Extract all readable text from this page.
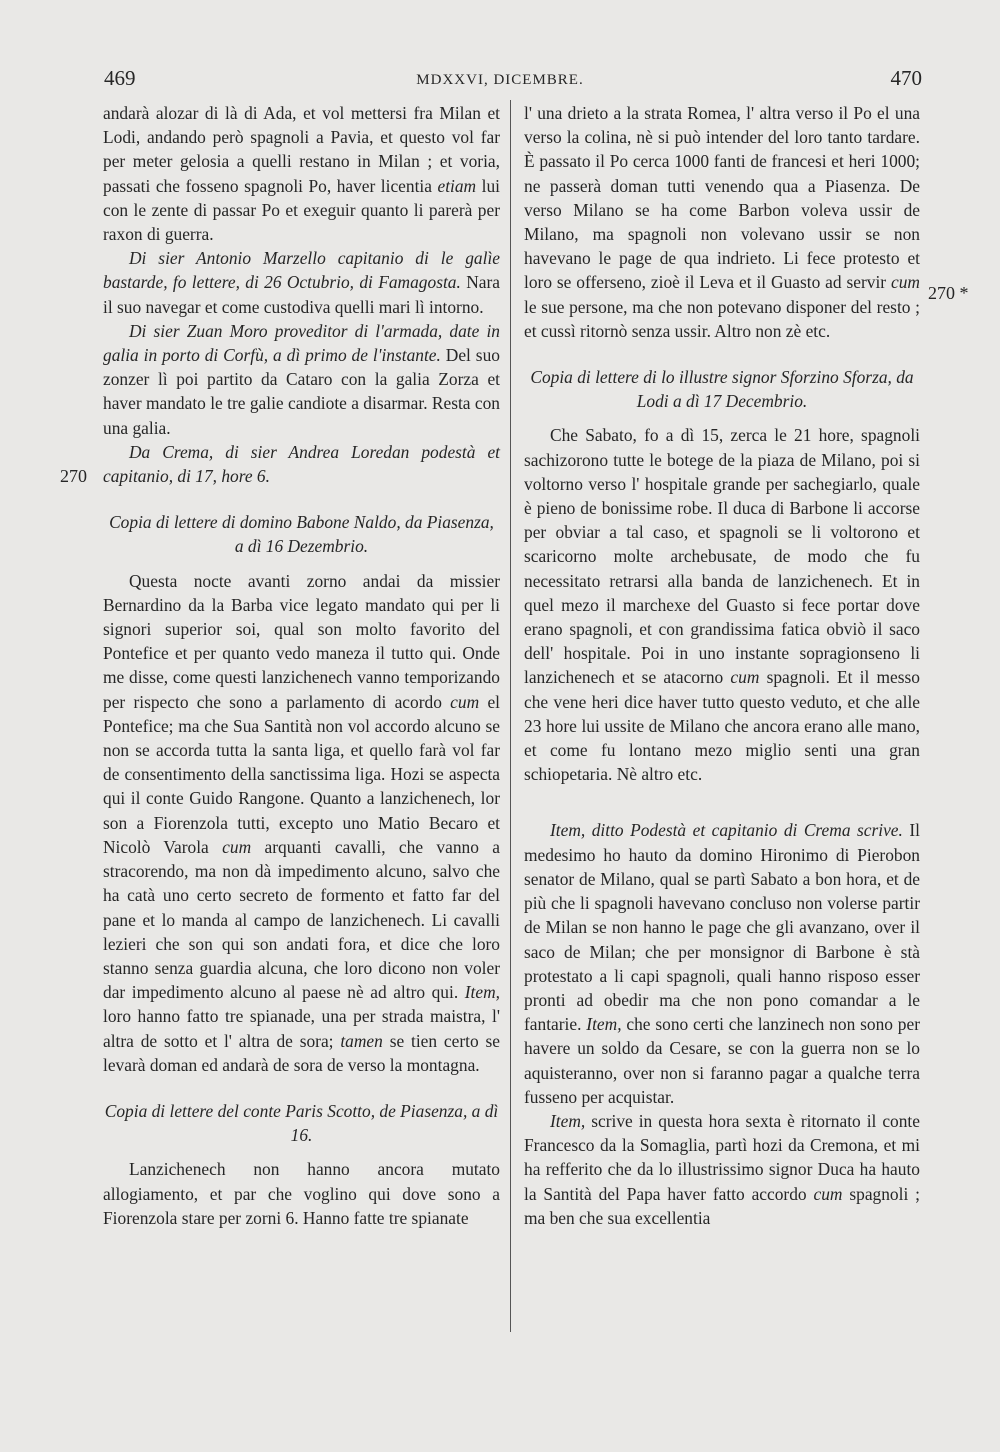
469	MDXXVI, DICEMBRE.	470
270
270 *

andarà alozar di là di Ada, et vol mettersi fra Milan et Lodi, andando però spagnoli a Pavia, et questo vol far per meter gelosia a quelli restano in Milan ; et voria, passati che fosseno spagnoli Po, haver licentia etiam lui con le zente di passar Po et exeguir quanto li parerà per raxon di guerra.

Di sier Antonio Marzello capitanio di le galìe bastarde, fo lettere, di 26 Octubrio, di Famagosta. Nara il suo navegar et come custodiva quelli mari lì intorno.

Di sier Zuan Moro proveditor di l'armada, date in galia in porto di Corfù, a dì primo de l'instante. Del suo zonzer lì poi partito da Cataro con la galia Zorza et haver mandato le tre galie candiote a disarmar. Resta con una galia.

Da Crema, di sier Andrea Loredan podestà et capitanio, di 17, hore 6.

Copia di lettere di domino Babone Naldo, da Piasenza, a dì 16 Dezembrio.

Questa nocte avanti zorno andai da missier Bernardino da la Barba vice legato mandato qui per li signori superior soi, qual son molto favorito del Pontefice et per quanto vedo maneza il tutto qui. Onde me disse, come questi lanzichenech vanno temporizando per rispecto che sono a parlamento di acordo cum el Pontefice; ma che Sua Santità non vol accordo alcuno se non se accorda tutta la santa liga, et quello farà vol far de consentimento della sanctissima liga. Hozi se aspecta qui il conte Guido Rangone. Quanto a lanzichenech, lor son a Fiorenzola tutti, excepto uno Matio Becaro et Nicolò Varola cum arquanti cavalli, che vanno a stracorendo, ma non dà impedimento alcuno, salvo che ha catà uno certo secreto de formento et fatto far del pane et lo manda al campo de lanzichenech. Li cavalli lezieri che son qui son andati fora, et dice che loro stanno senza guardia alcuna, che loro dicono non voler dar impedimento alcuno al paese nè ad altro qui. Item, loro hanno fatto tre spianade, una per strada maistra, l' altra de sotto et l' altra de sora; tamen se tien certo se levarà doman ed andarà de sora de verso la montagna.

Copia di lettere del conte Paris Scotto, de Piasenza, a dì 16.

Lanzichenech non hanno ancora mutato allogiamento, et par che voglino qui dove sono a Fiorenzola stare per zorni 6. Hanno fatte tre spianate

l' una drieto a la strata Romea, l' altra verso il Po el una verso la colina, nè si può intender del loro tanto tardare. È passato il Po cerca 1000 fanti de francesi et heri 1000; ne passerà doman tutti venendo qua a Piasenza. De verso Milano se ha come Barbon voleva ussir de Milano, ma spagnoli non volevano ussir se non havevano le page de qua indrieto. Li fece protesto et loro se offerseno, zioè il Leva et il Guasto ad servir cum le sue persone, ma che non potevano disponer del resto ; et cussì ritornò senza ussir. Altro non zè etc.

Copia di lettere di lo illustre signor Sforzino Sforza, da Lodi a dì 17 Decembrio.

Che Sabato, fo a dì 15, zerca le 21 hore, spagnoli sachizorono tutte le botege de la piaza de Milano, poi si voltorno verso l' hospitale grande per sachegiarlo, quale è pieno de bonissime robe. Il duca di Barbone li accorse per obviar a tal caso, et spagnoli se li voltorono et scaricorno molte archebusate, de modo che fu necessitato retrarsi alla banda de lanzichenech. Et in quel mezo il marchexe del Guasto si fece portar dove erano spagnoli, et con grandissima fatica obviò il saco dell' hospitale. Poi in uno instante sopragionseno li lanzichenech et se atacorno cum spagnoli. Et il messo che vene heri dice haver tutto questo veduto, et che alle 23 hore lui ussite de Milano che ancora erano alle mano, et come fu lontano mezo miglio senti una gran schiopetaria. Nè altro etc.

Item, ditto Podestà et capitanio di Crema scrive. Il medesimo ho hauto da domino Hironimo di Pierobon senator de Milano, qual se partì Sabato a bon hora, et de più che li spagnoli havevano concluso non volerse partir de Milan se non hanno le page che gli avanzano, over il saco de Milan; che per monsignor di Barbone è stà protestato a li capi spagnoli, quali hanno risposo esser pronti ad obedir ma che non pono comandar a le fantarie. Item, che sono certi che lanzinech non sono per havere un soldo da Cesare, se con la guerra non se lo aquisteranno, over non si faranno pagar a qualche terra fusseno per acquistar.

Item, scrive in questa hora sexta è ritornato il conte Francesco da la Somaglia, partì hozi da Cremona, et mi ha refferito che da lo illustrissimo signor Duca ha hauto la Santità del Papa haver fatto accordo cum spagnoli ; ma ben che sua excellentia
